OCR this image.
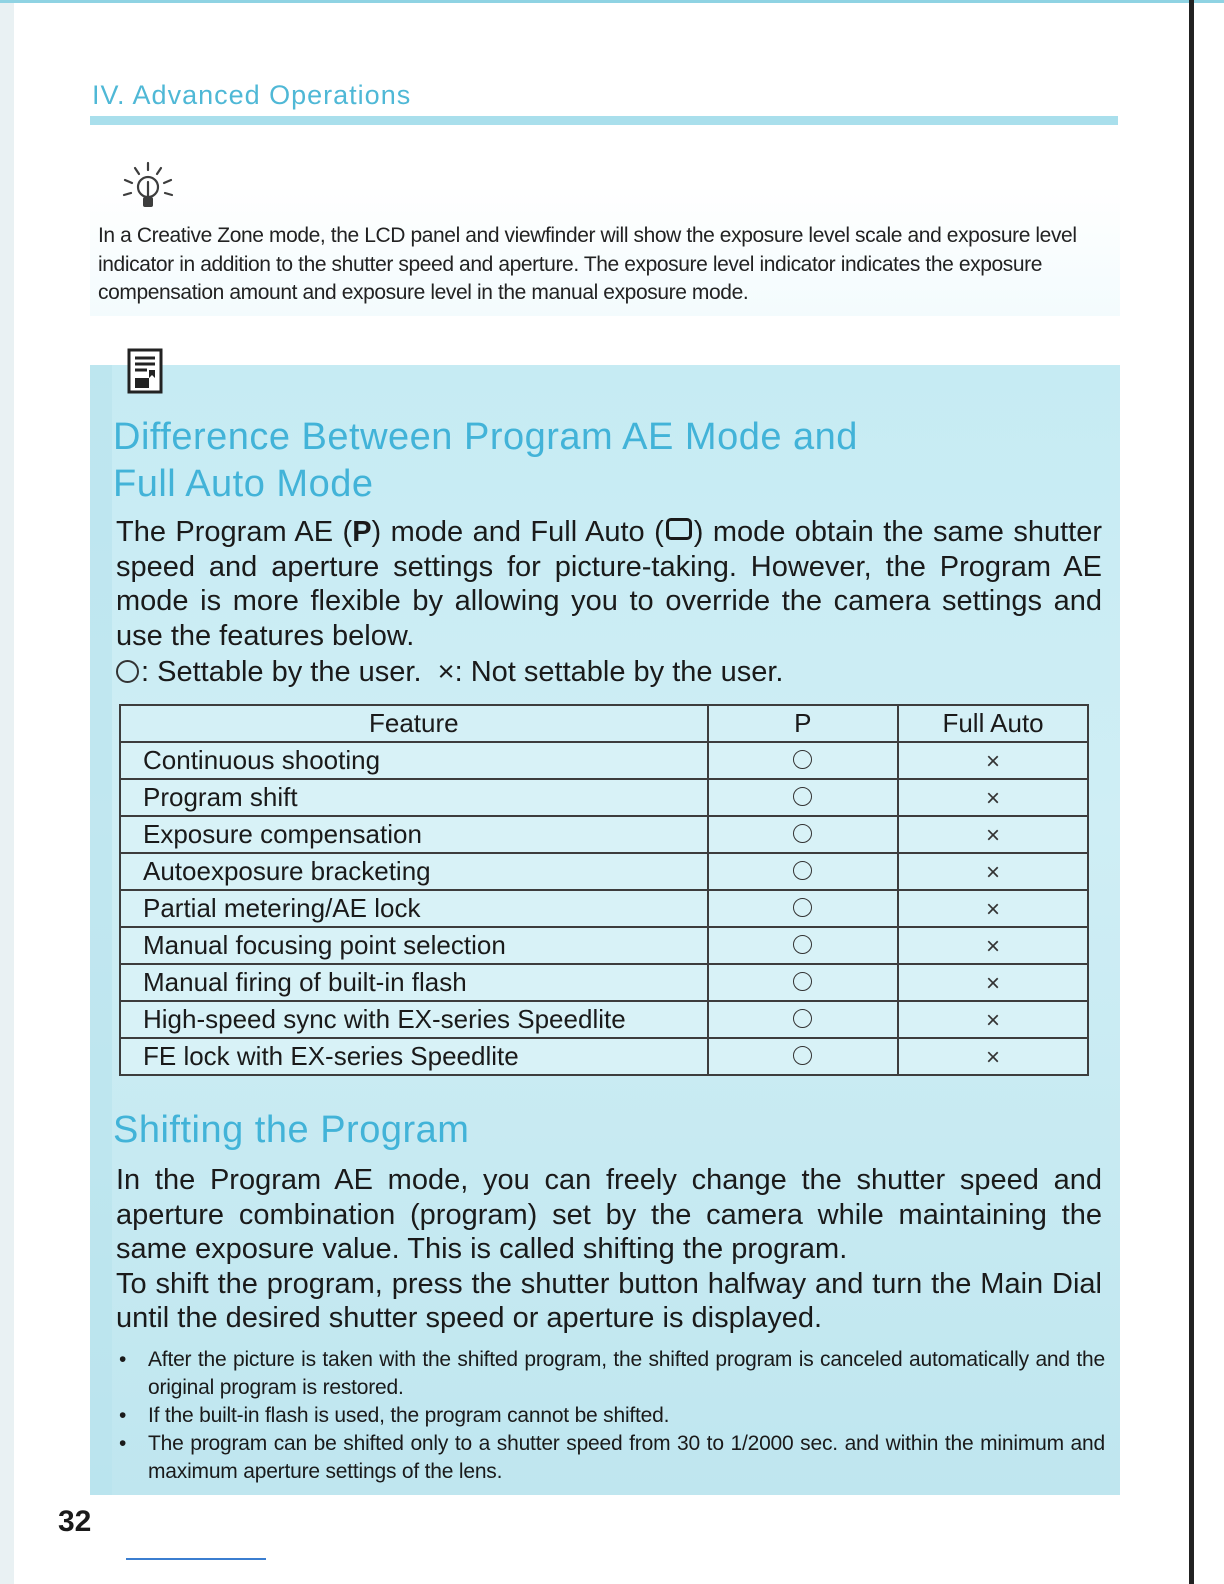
IV. Advanced Operations
In a Creative Zone mode, the LCD panel and viewfinder will show the exposure level scale and exposure level indicator in addition to the shutter speed and aperture. The exposure level indicator indicates the exposure compensation amount and exposure level in the manual exposure mode.
Difference Between Program AE Mode and
Full Auto Mode
The Program AE (P) mode and Full Auto ( ) mode obtain the same shutter speed and aperture settings for picture-taking. However, the Program AE mode is more flexible by allowing you to override the camera settings and use the features below.
: Settable by the user. ×: Not settable by the user.
Feature	P	Full Auto
Continuous shooting		×
Program shift		×
Exposure compensation		×
Autoexposure bracketing		×
Partial metering/AE lock		×
Manual focusing point selection		×
Manual firing of built-in flash		×
High-speed sync with EX-series Speedlite		×
FE lock with EX-series Speedlite		×
Shifting the Program
In the Program AE mode, you can freely change the shutter speed and aperture combination (program) set by the camera while maintaining the same exposure value. This is called shifting the program.
To shift the program, press the shutter button halfway and turn the Main Dial until the desired shutter speed or aperture is displayed.
• After the picture is taken with the shifted program, the shifted program is canceled automatically and the original program is restored.
• If the built-in flash is used, the program cannot be shifted.
• The program can be shifted only to a shutter speed from 30 to 1/2000 sec. and within the minimum and maximum aperture settings of the lens.
32
